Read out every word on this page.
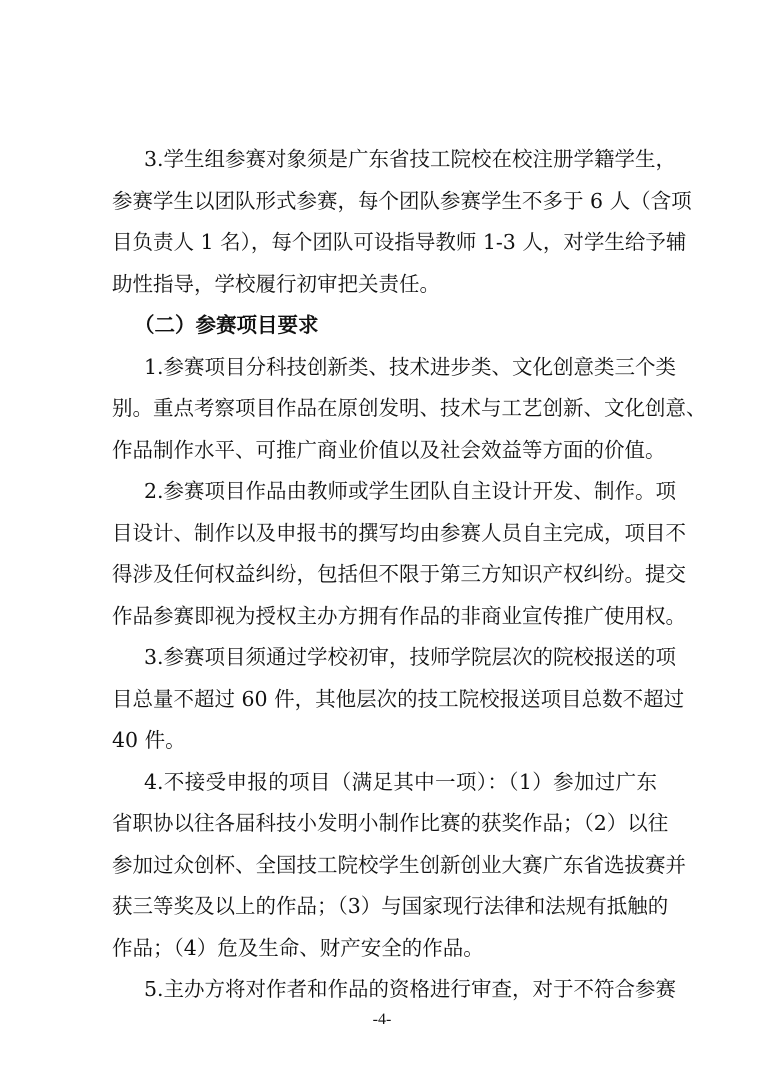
3.学生组参赛对象须是广东省技工院校在校注册学籍学生，
参赛学生以团队形式参赛，每个团队参赛学生不多于 6 人（含项
目负责人 1 名），每个团队可设指导教师 1-3 人，对学生给予辅
助性指导，学校履行初审把关责任。
（二）参赛项目要求
1.参赛项目分科技创新类、技术进步类、文化创意类三个类
别。重点考察项目作品在原创发明、技术与工艺创新、文化创意、
作品制作水平、可推广商业价值以及社会效益等方面的价值。
2.参赛项目作品由教师或学生团队自主设计开发、制作。项
目设计、制作以及申报书的撰写均由参赛人员自主完成，项目不
得涉及任何权益纠纷，包括但不限于第三方知识产权纠纷。提交
作品参赛即视为授权主办方拥有作品的非商业宣传推广使用权。
3.参赛项目须通过学校初审，技师学院层次的院校报送的项
目总量不超过 60 件，其他层次的技工院校报送项目总数不超过
40 件。
4.不接受申报的项目（满足其中一项）：（1）参加过广东
省职协以往各届科技小发明小制作比赛的获奖作品；（2）以往
参加过众创杯、全国技工院校学生创新创业大赛广东省选拔赛并
获三等奖及以上的作品；（3）与国家现行法律和法规有抵触的
作品；（4）危及生命、财产安全的作品。
-4-
5.主办方将对作者和作品的资格进行审查，对于不符合参赛
